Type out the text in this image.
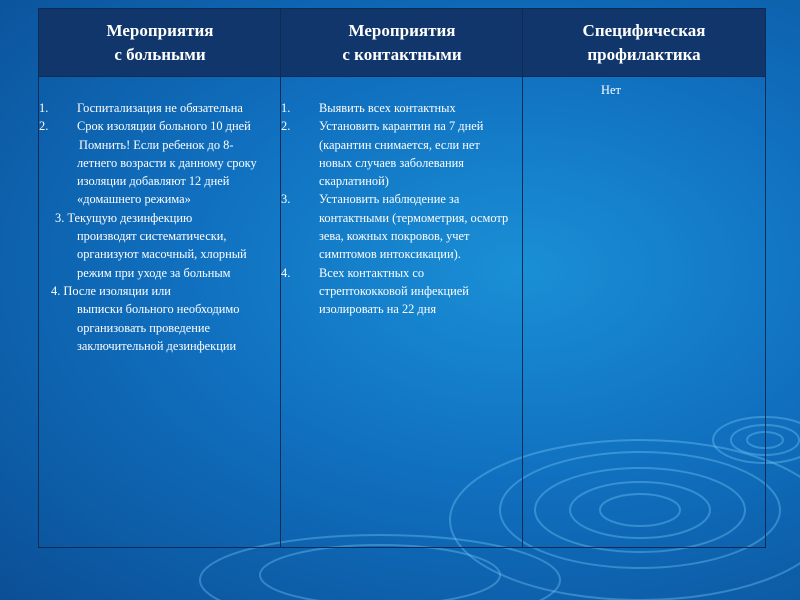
Мероприятия
с больными
Мероприятия
с контактными
Специфическая
профилактика
1. Госпитализация не обязательна
2. Срок изоляции больного 10 дней
Помнить! Если ребенок до 8-летнего возрасти к данному сроку изоляции добавляют 12 дней «домашнего режима»
3. Текущую дезинфекцию
производят систематически, организуют масочный, хлорный режим при уходе за больным
4. После изоляции или
выписки больного необходимо организовать проведение заключительной дезинфекции
1. Выявить всех контактных
2. Установить карантин на 7 дней (карантин снимается, если нет новых случаев заболевания скарлатиной)
3. Установить наблюдение за контактными (термометрия, осмотр зева, кожных покровов, учет симптомов интоксикации).
4. Всех контактных со стрептококковой инфекцией изолировать на 22 дня
Нет
